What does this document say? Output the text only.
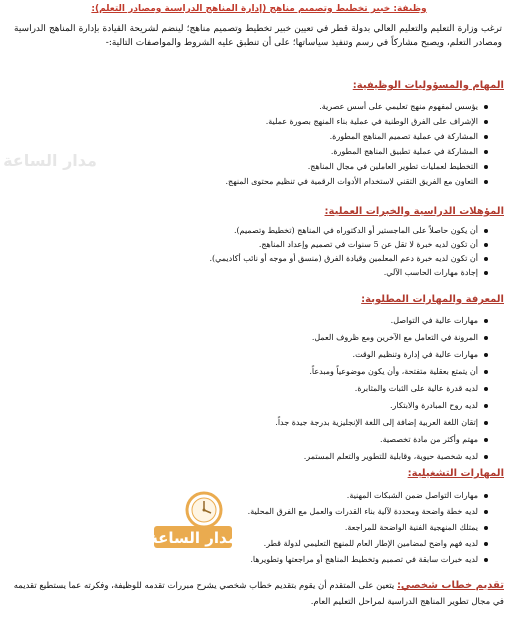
وظيفة: خبير تخطيط وتصميم مناهج (إدارة المناهج الدراسية ومصادر التعلم):
ترغب وزارة التعليم والتعليم العالي بدولة قطر في تعيين خبير تخطيط وتصميم مناهج؛ لينضم لشريحة القيادة بإدارة المناهج الدراسية ومصادر التعلم، ويصبح مشاركاً في رسم وتنفيذ سياساتها؛ على أن تنطبق عليه الشروط والمواصفات التالية:-
المهام والمسؤوليات الوظيفية:
يؤسس لمفهوم منهج تعليمي على أسس عصرية.
الإشراف على الفرق الوطنية في عملية بناء المنهج بصورة عملية.
المشاركة في عملية تصميم المناهج المطورة.
المشاركة في عملية تطبيق المناهج المطورة.
التخطيط لعمليات تطوير العاملين في مجال المناهج.
التعاون مع الفريق التقني لاستخدام الأدوات الرقمية في تنظيم محتوى المنهج.
المؤهلات الدراسية والخبرات العملية:
أن يكون حاصلاً على الماجستير أو الدكتوراه في المناهج (تخطيط وتصميم).
أن تكون لديه خبرة لا تقل عن 5 سنوات في تصميم وإعداد المناهج.
أن تكون لديه خبرة دعم المعلمين وقيادة الفرق (منسق أو موجه أو نائب أكاديمي).
إجادة مهارات الحاسب الآلي.
المعرفة والمهارات المطلوبة:
مهارات عالية في التواصل.
المرونة في التعامل مع الآخرين ومع ظروف العمل.
مهارات عالية في إدارة وتنظيم الوقت.
أن يتمتع بعقلية متفتحة، وأن يكون موضوعياً ومبدعاً.
لديه قدرة عالية على الثبات والمثابرة.
لديه روح المبادرة والابتكار.
إتقان اللغة العربية إضافة إلى اللغة الإنجليزية بدرجة جيدة جداً.
مهتم وأكثر من مادة تخصصية.
لديه شخصية حيوية، وقابلية للتطوير والتعلم المستمر.
المهارات التشغيلية:
مهارات التواصل ضمن الشبكات المهنية.
لديه خطة واضحة ومحددة لآلية بناء القدرات والعمل مع الفرق المحلية.
يمتلك المنهجية الفنية الواضحة للمراجعة.
لديه فهم واضح لمضامين الإطار العام للمنهج التعليمي لدولة قطر.
لديه خبرات سابقة في تصميم وتخطيط المناهج أو مراجعتها وتطويرها.
تقديم خطاب شخصي: يتعين على المتقدم أن يقوم بتقديم خطاب شخصي يشرح مبررات تقدمه للوظيفة، وفكرته عما يستطيع تقديمه في مجال تطوير المناهج الدراسية لمراحل التعليم العام.
مدار الساعة
مدار الساعة
